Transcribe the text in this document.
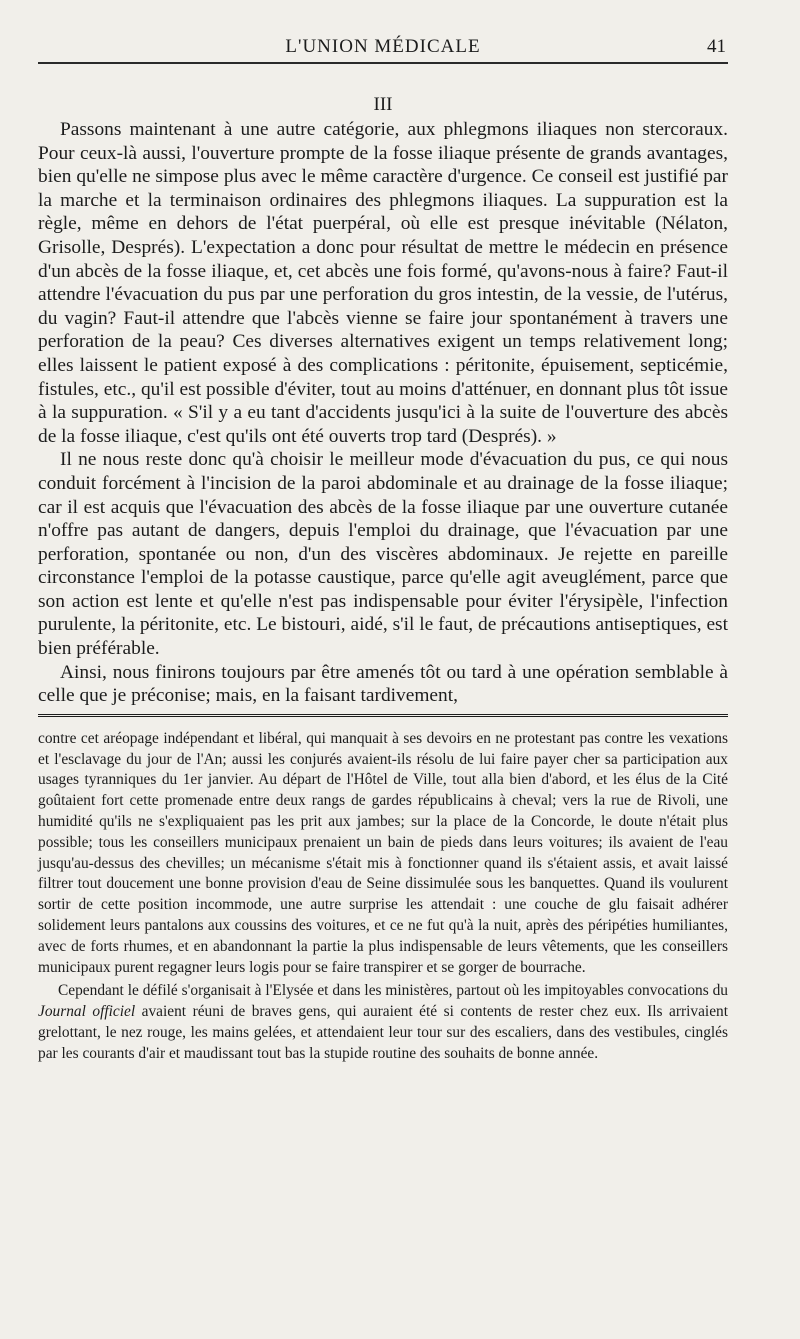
L'UNION MÉDICALE	41
III

Passons maintenant à une autre catégorie, aux phlegmons iliaques non stercoraux. Pour ceux-là aussi, l'ouverture prompte de la fosse iliaque présente de grands avantages, bien qu'elle ne simpose plus avec le même caractère d'urgence. Ce conseil est justifié par la marche et la terminaison ordinaires des phlegmons iliaques. La suppuration est la règle, même en dehors de l'état puerpéral, où elle est presque inévitable (Nélaton, Grisolle, Després). L'expectation a donc pour résultat de mettre le médecin en présence d'un abcès de la fosse iliaque, et, cet abcès une fois formé, qu'avons-nous à faire? Faut-il attendre l'évacuation du pus par une perforation du gros intestin, de la vessie, de l'utérus, du vagin? Faut-il attendre que l'abcès vienne se faire jour spontanément à travers une perforation de la peau? Ces diverses alternatives exigent un temps relativement long; elles laissent le patient exposé à des complications : péritonite, épuisement, septicémie, fistules, etc., qu'il est possible d'éviter, tout au moins d'atténuer, en donnant plus tôt issue à la suppuration. « S'il y a eu tant d'accidents jusqu'ici à la suite de l'ouverture des abcès de la fosse iliaque, c'est qu'ils ont été ouverts trop tard (Després). »

Il ne nous reste donc qu'à choisir le meilleur mode d'évacuation du pus, ce qui nous conduit forcément à l'incision de la paroi abdominale et au drainage de la fosse iliaque; car il est acquis que l'évacuation des abcès de la fosse iliaque par une ouverture cutanée n'offre pas autant de dangers, depuis l'emploi du drainage, que l'évacuation par une perforation, spontanée ou non, d'un des viscères abdominaux. Je rejette en pareille circonstance l'emploi de la potasse caustique, parce qu'elle agit aveuglément, parce que son action est lente et qu'elle n'est pas indispensable pour éviter l'érysipèle, l'infection purulente, la péritonite, etc. Le bistouri, aidé, s'il le faut, de précautions antiseptiques, est bien préférable.

Ainsi, nous finirons toujours par être amenés tôt ou tard à une opération semblable à celle que je préconise; mais, en la faisant tardivement,

contre cet aréopage indépendant et libéral, qui manquait à ses devoirs en ne protestant pas contre les vexations et l'esclavage du jour de l'An; aussi les conjurés avaient-ils résolu de lui faire payer cher sa participation aux usages tyranniques du 1er janvier. Au départ de l'Hôtel de Ville, tout alla bien d'abord, et les élus de la Cité goûtaient fort cette promenade entre deux rangs de gardes républicains à cheval; vers la rue de Rivoli, une humidité qu'ils ne s'expliquaient pas les prit aux jambes; sur la place de la Concorde, le doute n'était plus possible; tous les conseillers municipaux prenaient un bain de pieds dans leurs voitures; ils avaient de l'eau jusqu'au-dessus des chevilles; un mécanisme s'était mis à fonctionner quand ils s'étaient assis, et avait laissé filtrer tout doucement une bonne provision d'eau de Seine dissimulée sous les banquettes. Quand ils voulurent sortir de cette position incommode, une autre surprise les attendait : une couche de glu faisait adhérer solidement leurs pantalons aux coussins des voitures, et ce ne fut qu'à la nuit, après des péripéties humiliantes, avec de forts rhumes, et en abandonnant la partie la plus indispensable de leurs vêtements, que les conseillers municipaux purent regagner leurs logis pour se faire transpirer et se gorger de bourrache.

Cependant le défilé s'organisait à l'Elysée et dans les ministères, partout où les impitoyables convocations du Journal officiel avaient réuni de braves gens, qui auraient été si contents de rester chez eux. Ils arrivaient grelottant, le nez rouge, les mains gelées, et attendaient leur tour sur des escaliers, dans des vestibules, cinglés par les courants d'air et maudissant tout bas la stupide routine des souhaits de bonne année.
